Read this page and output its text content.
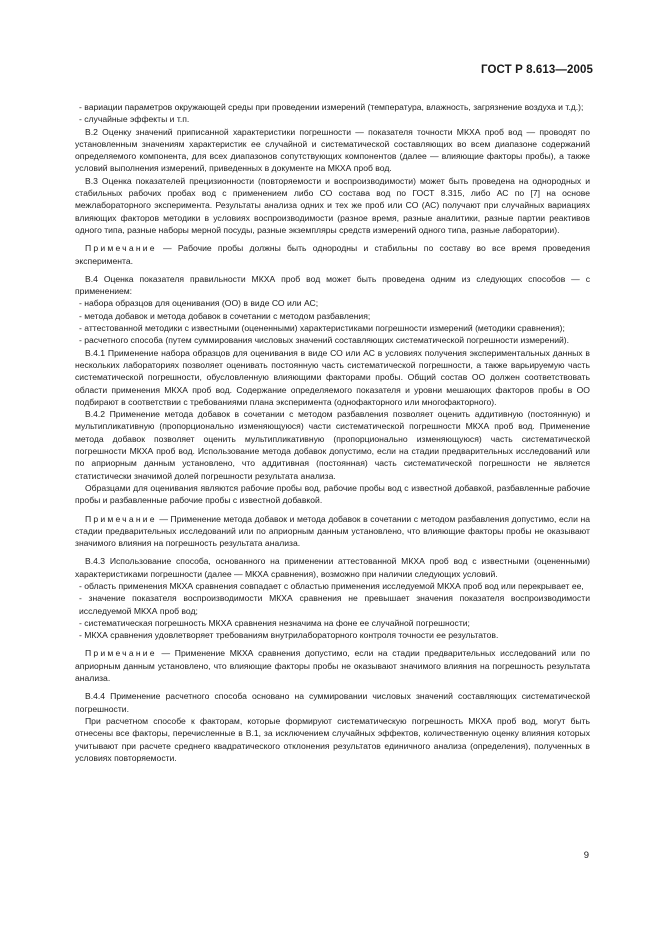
ГОСТ Р 8.613—2005

- вариации параметров окружающей среды при проведении измерений (температура, влажность, загрязнение воздуха и т.д.);

- случайные эффекты и т.п.

В.2 Оценку значений приписанной характеристики погрешности — показателя точности МКХА проб вод — проводят по установленным значениям характеристик ее случайной и систематической составляющих во всем диапазоне содержаний определяемого компонента, для всех диапазонов сопутствующих компонентов (далее — влияющие факторы пробы), а также условий выполнения измерений, приведенных в документе на МКХА проб вод.

В.3 Оценка показателей прецизионности (повторяемости и воспроизводимости) может быть проведена на однородных и стабильных рабочих пробах вод с применением либо СО состава вод по ГОСТ 8.315, либо АС по [7] на основе межлабораторного эксперимента. Результаты анализа одних и тех же проб или СО (АС) получают при случайных вариациях влияющих факторов методики в условиях воспроизводимости (разное время, разные аналитики, разные партии реактивов одного типа, разные наборы мерной посуды, разные экземпляры средств измерений одного типа, разные лаборатории).

Примечание — Рабочие пробы должны быть однородны и стабильны по составу во все время проведения эксперимента.

В.4 Оценка показателя правильности МКХА проб вод может быть проведена одним из следующих способов — с применением:

- набора образцов для оценивания (ОО) в виде СО или АС;

- метода добавок и метода добавок в сочетании с методом разбавления;

- аттестованной методики с известными (оцененными) характеристиками погрешности измерений (методики сравнения);

- расчетного способа (путем суммирования числовых значений составляющих систематической погрешности измерений).

В.4.1 Применение набора образцов для оценивания в виде СО или АС в условиях получения экспериментальных данных в нескольких лабораториях позволяет оценивать постоянную часть систематической погрешности, а также варьируемую часть систематической погрешности, обусловленную влияющими факторами пробы. Общий состав ОО должен соответствовать области применения МКХА проб вод. Содержание определяемого показателя и уровни мешающих факторов пробы в ОО подбирают в соответствии с требованиями плана эксперимента (однофакторного или многофакторного).

В.4.2 Применение метода добавок в сочетании с методом разбавления позволяет оценить аддитивную (постоянную) и мультипликативную (пропорционально изменяющуюся) части систематической погрешности МКХА проб вод. Применение метода добавок позволяет оценить мультипликативную (пропорционально изменяющуюся) часть систематической погрешности МКХА проб вод. Использование метода добавок допустимо, если на стадии предварительных исследований или по априорным данным установлено, что аддитивная (постоянная) часть систематической погрешности не является статистически значимой долей погрешности результата анализа.

Образцами для оценивания являются рабочие пробы вод, рабочие пробы вод с известной добавкой, разбавленные рабочие пробы и разбавленные рабочие пробы с известной добавкой.

Примечание — Применение метода добавок и метода добавок в сочетании с методом разбавления допустимо, если на стадии предварительных исследований или по априорным данным установлено, что влияющие факторы пробы не оказывают значимого влияния на погрешность результата анализа.

В.4.3 Использование способа, основанного на применении аттестованной МКХА проб вод с известными (оцененными) характеристиками погрешности (далее — МКХА сравнения), возможно при наличии следующих условий.

- область применения МКХА сравнения совпадает с областью применения исследуемой МКХА проб вод или перекрывает ее,

- значение показателя воспроизводимости МКХА сравнения не превышает значения показателя воспроизводимости исследуемой МКХА проб вод;

- систематическая погрешность МКХА сравнения незначима на фоне ее случайной погрешности;

- МКХА сравнения удовлетворяет требованиям внутрилабораторного контроля точности ее результатов.

Примечание — Применение МКХА сравнения допустимо, если на стадии предварительных исследований или по априорным данным установлено, что влияющие факторы пробы не оказывают значимого влияния на погрешность результата анализа.

В.4.4 Применение расчетного способа основано на суммировании числовых значений составляющих систематической погрешности.

При расчетном способе к факторам, которые формируют систематическую погрешность МКХА проб вод, могут быть отнесены все факторы, перечисленные в В.1, за исключением случайных эффектов, количественную оценку влияния которых учитывают при расчете среднего квадратического отклонения результатов единичного анализа (определения), полученных в условиях повторяемости.

9
